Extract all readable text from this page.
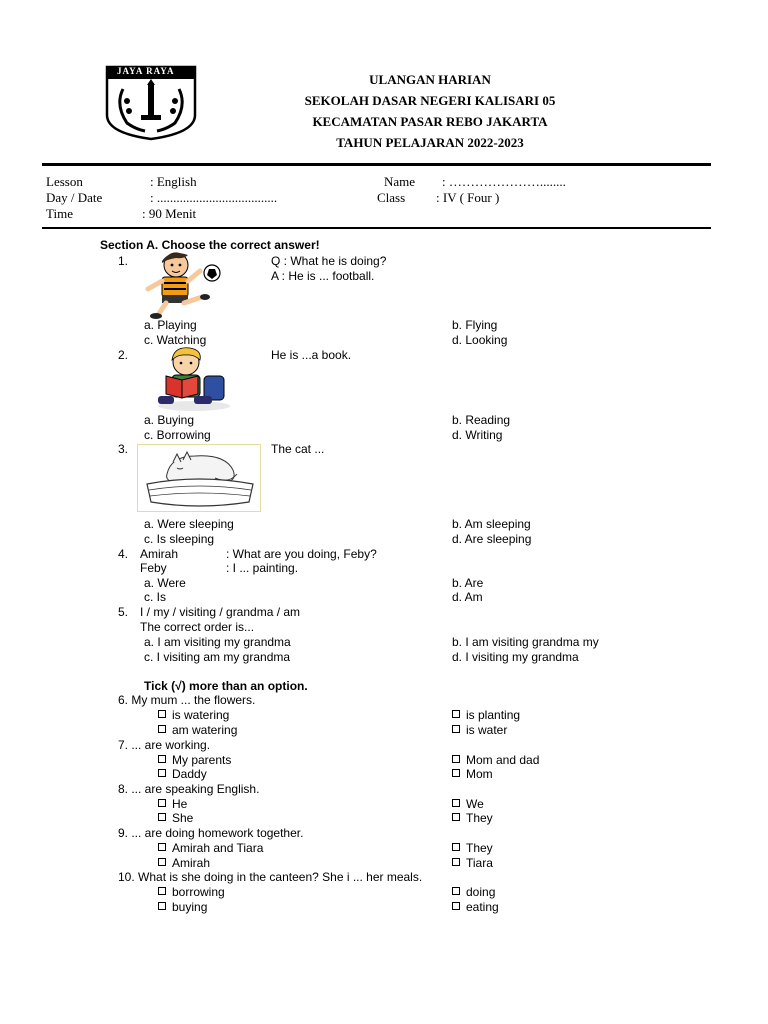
JAYA RAYA
ULANGAN HARIAN
SEKOLAH DASAR NEGERI KALISARI 05
KECAMATAN PASAR REBO JAKARTA
TAHUN PELAJARAN 2022-2023
Lesson	: English	Name : …………………........
Day / Date	: .....................................	Class : IV ( Four )
Time	: 90 Menit
Section A. Choose the correct answer!
1.	Q : What he is doing?
A : He is ... football.
a. Playing	b. Flying
c. Watching	d. Looking
2.	He is ...a book.
a. Buying	b. Reading
c. Borrowing	d. Writing
3.	The cat ...
a. Were sleeping	b. Am sleeping
c. Is sleeping	d. Are sleeping
4. Amirah	: What are you doing, Feby?
Feby	: I ... painting.
a. Were	b. Are
c. Is	d. Am
5. I / my / visiting / grandma / am
The correct order is...
a. I am visiting my grandma	b. I am visiting grandma my
c. I visiting am my grandma	d. I visiting my grandma
Tick (√) more than an option.
6. My mum ... the flowers.
is watering	is planting
am watering	is water
7. ... are working.
My parents	Mom and dad
Daddy	Mom
8. ... are speaking English.
He	We
She	They
9. ... are doing homework together.
Amirah and Tiara	They
Amirah	Tiara
10. What is she doing in the canteen? She i ... her meals.
borrowing	doing
buying	eating
